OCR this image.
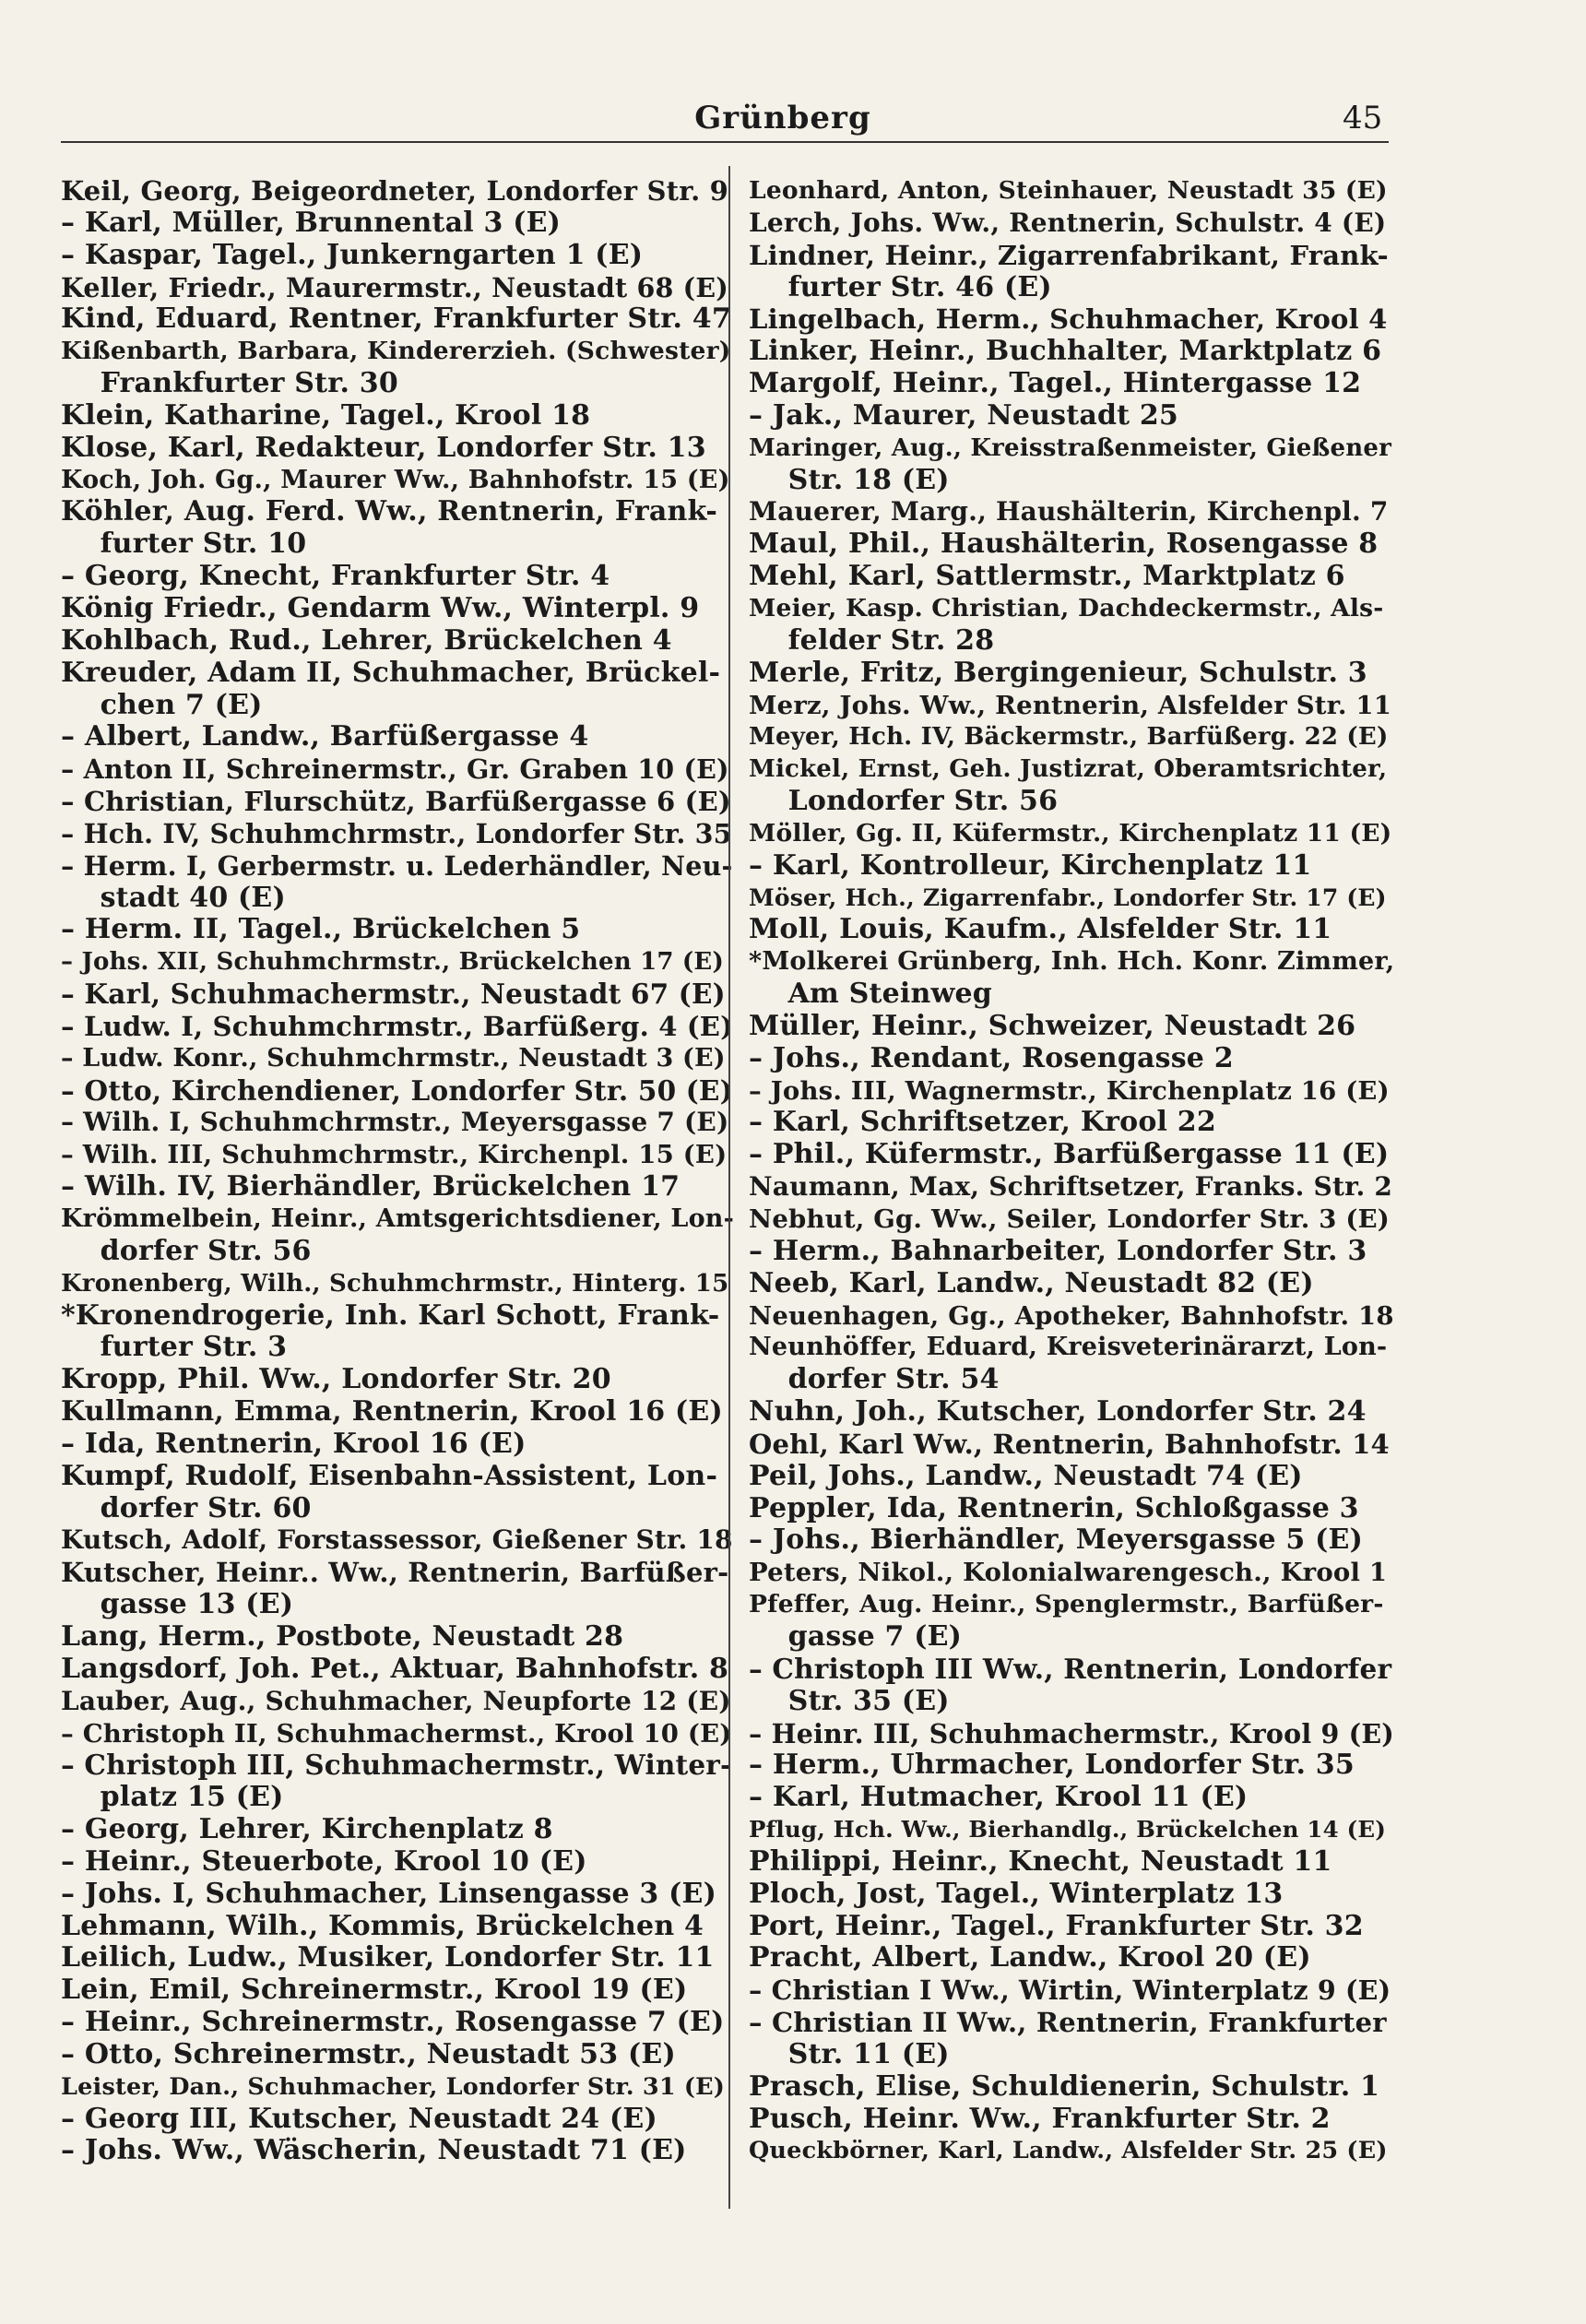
Grünberg	45
Keil, Georg, Beigeordneter, Londorfer Str. 9
– Karl, Müller, Brunnental 3 (E)
– Kaspar, Tagel., Junkerngarten 1 (E)
Keller, Friedr., Maurermstr., Neustadt 68 (E)
Kind, Eduard, Rentner, Frankfurter Str. 47
Kißenbarth, Barbara, Kindererzieh. (Schwester)
Frankfurter Str. 30
Klein, Katharine, Tagel., Krool 18
Klose, Karl, Redakteur, Londorfer Str. 13
Koch, Joh. Gg., Maurer Ww., Bahnhofstr. 15 (E)
Köhler, Aug. Ferd. Ww., Rentnerin, Frank-
furter Str. 10
– Georg, Knecht, Frankfurter Str. 4
König Friedr., Gendarm Ww., Winterpl. 9
Kohlbach, Rud., Lehrer, Brückelchen 4
Kreuder, Adam II, Schuhmacher, Brückel-
chen 7 (E)
– Albert, Landw., Barfüßergasse 4
– Anton II, Schreinermstr., Gr. Graben 10 (E)
– Christian, Flurschütz, Barfüßergasse 6 (E)
– Hch. IV, Schuhmchrmstr., Londorfer Str. 35
– Herm. I, Gerbermstr. u. Lederhändler, Neu-
stadt 40 (E)
– Herm. II, Tagel., Brückelchen 5
– Johs. XII, Schuhmchrmstr., Brückelchen 17 (E)
– Karl, Schuhmachermstr., Neustadt 67 (E)
– Ludw. I, Schuhmchrmstr., Barfüßerg. 4 (E)
– Ludw. Konr., Schuhmchrmstr., Neustadt 3 (E)
– Otto, Kirchendiener, Londorfer Str. 50 (E)
– Wilh. I, Schuhmchrmstr., Meyersgasse 7 (E)
– Wilh. III, Schuhmchrmstr., Kirchenpl. 15 (E)
– Wilh. IV, Bierhändler, Brückelchen 17
Krömmelbein, Heinr., Amtsgerichtsdiener, Lon-
dorfer Str. 56
Kronenberg, Wilh., Schuhmchrmstr., Hinterg. 15
*Kronendrogerie, Inh. Karl Schott, Frank-
furter Str. 3
Kropp, Phil. Ww., Londorfer Str. 20
Kullmann, Emma, Rentnerin, Krool 16 (E)
– Ida, Rentnerin, Krool 16 (E)
Kumpf, Rudolf, Eisenbahn-Assistent, Lon-
dorfer Str. 60
Kutsch, Adolf, Forstassessor, Gießener Str. 18
Kutscher, Heinr.. Ww., Rentnerin, Barfüßer-
gasse 13 (E)
Lang, Herm., Postbote, Neustadt 28
Langsdorf, Joh. Pet., Aktuar, Bahnhofstr. 8
Lauber, Aug., Schuhmacher, Neupforte 12 (E)
– Christoph II, Schuhmachermst., Krool 10 (E)
– Christoph III, Schuhmachermstr., Winter-
platz 15 (E)
– Georg, Lehrer, Kirchenplatz 8
– Heinr., Steuerbote, Krool 10 (E)
– Johs. I, Schuhmacher, Linsengasse 3 (E)
Lehmann, Wilh., Kommis, Brückelchen 4
Leilich, Ludw., Musiker, Londorfer Str. 11
Lein, Emil, Schreinermstr., Krool 19 (E)
– Heinr., Schreinermstr., Rosengasse 7 (E)
– Otto, Schreinermstr., Neustadt 53 (E)
Leister, Dan., Schuhmacher, Londorfer Str. 31 (E)
– Georg III, Kutscher, Neustadt 24 (E)
– Johs. Ww., Wäscherin, Neustadt 71 (E)
Leonhard, Anton, Steinhauer, Neustadt 35 (E)
Lerch, Johs. Ww., Rentnerin, Schulstr. 4 (E)
Lindner, Heinr., Zigarrenfabrikant, Frank-
furter Str. 46 (E)
Lingelbach, Herm., Schuhmacher, Krool 4
Linker, Heinr., Buchhalter, Marktplatz 6
Margolf, Heinr., Tagel., Hintergasse 12
– Jak., Maurer, Neustadt 25
Maringer, Aug., Kreisstraßenmeister, Gießener
Str. 18 (E)
Mauerer, Marg., Haushälterin, Kirchenpl. 7
Maul, Phil., Haushälterin, Rosengasse 8
Mehl, Karl, Sattlermstr., Marktplatz 6
Meier, Kasp. Christian, Dachdeckermstr., Als-
felder Str. 28
Merle, Fritz, Bergingenieur, Schulstr. 3
Merz, Johs. Ww., Rentnerin, Alsfelder Str. 11
Meyer, Hch. IV, Bäckermstr., Barfüßerg. 22 (E)
Mickel, Ernst, Geh. Justizrat, Oberamtsrichter,
Londorfer Str. 56
Möller, Gg. II, Küfermstr., Kirchenplatz 11 (E)
– Karl, Kontrolleur, Kirchenplatz 11
Möser, Hch., Zigarrenfabr., Londorfer Str. 17 (E)
Moll, Louis, Kaufm., Alsfelder Str. 11
*Molkerei Grünberg, Inh. Hch. Konr. Zimmer,
Am Steinweg
Müller, Heinr., Schweizer, Neustadt 26
– Johs., Rendant, Rosengasse 2
– Johs. III, Wagnermstr., Kirchenplatz 16 (E)
– Karl, Schriftsetzer, Krool 22
– Phil., Küfermstr., Barfüßergasse 11 (E)
Naumann, Max, Schriftsetzer, Franks. Str. 2
Nebhut, Gg. Ww., Seiler, Londorfer Str. 3 (E)
– Herm., Bahnarbeiter, Londorfer Str. 3
Neeb, Karl, Landw., Neustadt 82 (E)
Neuenhagen, Gg., Apotheker, Bahnhofstr. 18
Neunhöffer, Eduard, Kreisveterinärarzt, Lon-
dorfer Str. 54
Nuhn, Joh., Kutscher, Londorfer Str. 24
Oehl, Karl Ww., Rentnerin, Bahnhofstr. 14
Peil, Johs., Landw., Neustadt 74 (E)
Peppler, Ida, Rentnerin, Schloßgasse 3
– Johs., Bierhändler, Meyersgasse 5 (E)
Peters, Nikol., Kolonialwarengesch., Krool 1
Pfeffer, Aug. Heinr., Spenglermstr., Barfüßer-
gasse 7 (E)
– Christoph III Ww., Rentnerin, Londorfer
Str. 35 (E)
– Heinr. III, Schuhmachermstr., Krool 9 (E)
– Herm., Uhrmacher, Londorfer Str. 35
– Karl, Hutmacher, Krool 11 (E)
Pflug, Hch. Ww., Bierhandlg., Brückelchen 14 (E)
Philippi, Heinr., Knecht, Neustadt 11
Ploch, Jost, Tagel., Winterplatz 13
Port, Heinr., Tagel., Frankfurter Str. 32
Pracht, Albert, Landw., Krool 20 (E)
– Christian I Ww., Wirtin, Winterplatz 9 (E)
– Christian II Ww., Rentnerin, Frankfurter
Str. 11 (E)
Prasch, Elise, Schuldienerin, Schulstr. 1
Pusch, Heinr. Ww., Frankfurter Str. 2
Queckbörner, Karl, Landw., Alsfelder Str. 25 (E)
